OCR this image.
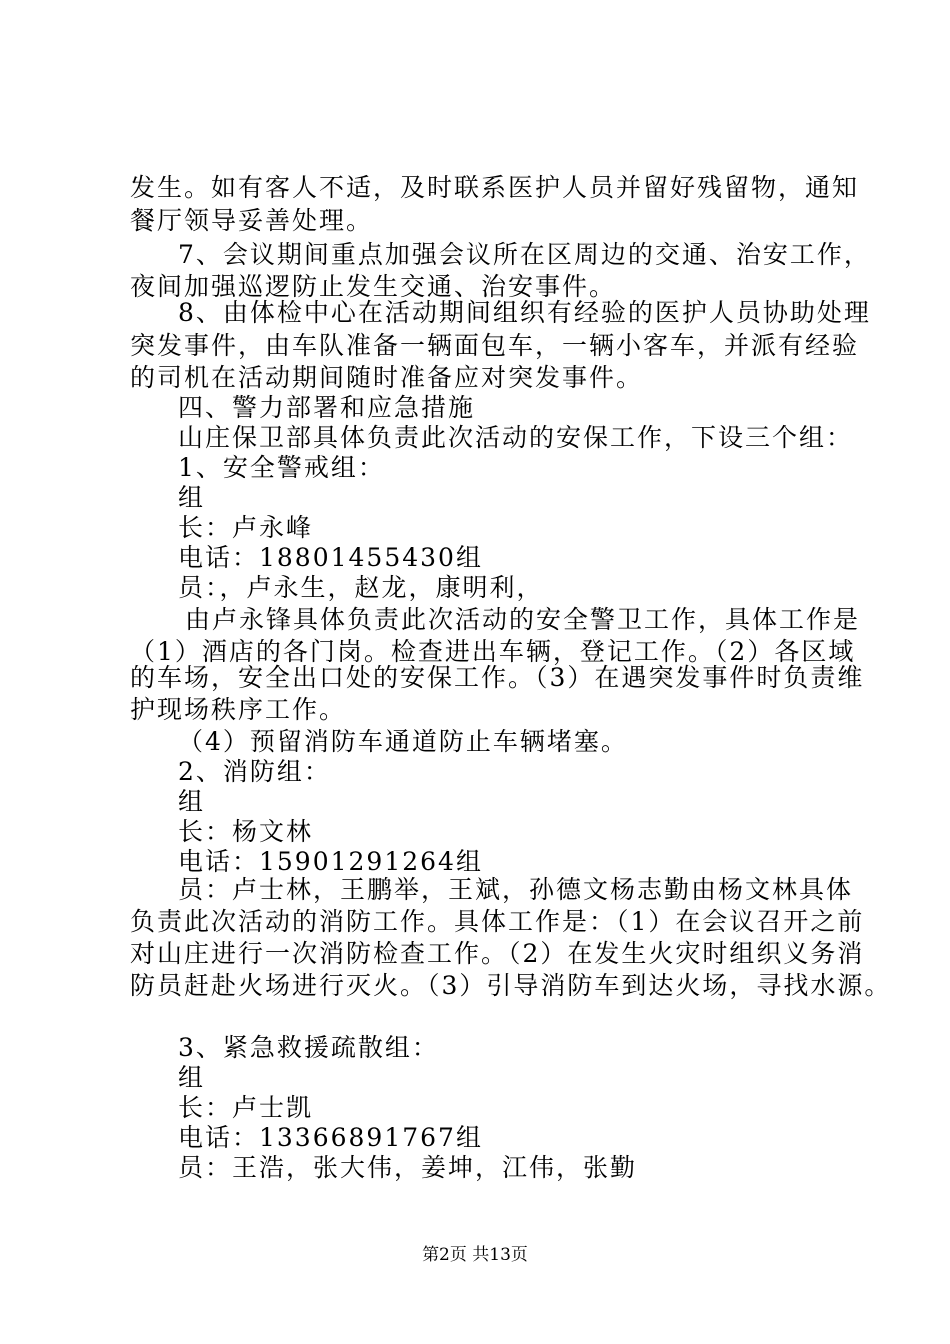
发生。如有客人不适，及时联系医护人员并留好残留物，通知
餐厅领导妥善处理。
7、会议期间重点加强会议所在区周边的交通、治安工作，
夜间加强巡逻防止发生交通、治安事件。
8、由体检中心在活动期间组织有经验的医护人员协助处理
突发事件，由车队准备一辆面包车，一辆小客车，并派有经验
的司机在活动期间随时准备应对突发事件。
四、警力部署和应急措施
山庄保卫部具体负责此次活动的安保工作，下设三个组：
1、安全警戒组：
组
长：卢永峰
电话：18801455430组
员：，卢永生，赵龙，康明利，
由卢永锋具体负责此次活动的安全警卫工作，具体工作是
（1）酒店的各门岗。检查进出车辆，登记工作。（2）各区域
的车场，安全出口处的安保工作。（3）在遇突发事件时负责维
护现场秩序工作。
（4）预留消防车通道防止车辆堵塞。
2、消防组：
组
长：杨文林
电话：15901291264组
员：卢士林，王鹏举，王斌，孙德文杨志勤由杨文林具体
负责此次活动的消防工作。具体工作是：（1）在会议召开之前
对山庄进行一次消防检查工作。（2）在发生火灾时组织义务消
防员赶赴火场进行灭火。（3）引导消防车到达火场，寻找水源。
3、紧急救援疏散组：
组
长：卢士凯
电话：13366891767组
员：王浩，张大伟，姜坤，江伟，张勤
第2页 共13页
